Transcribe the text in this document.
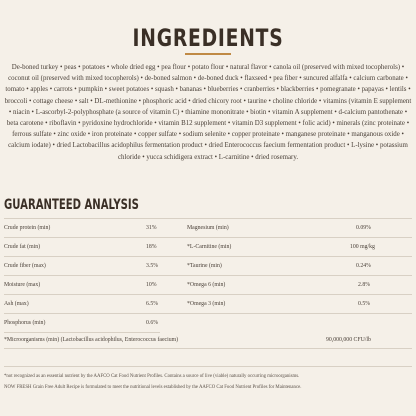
INGREDIENTS
De-boned turkey • peas • potatoes • whole dried egg • pea flour • potato flour • natural flavor • canola oil (preserved with mixed tocopherols) • coconut oil (preserved with mixed tocopherols) • de-boned salmon • de-boned duck • flaxseed • pea fiber • suncured alfalfa • calcium carbonate • tomato • apples • carrots • pumpkin • sweet potatoes • squash • bananas • blueberries • cranberries • blackberries • pomegranate • papayas • lentils • broccoli • cottage cheese • salt • DL-methionine • phosphoric acid • dried chicory root • taurine • choline chloride • vitamins (vitamin E supplement • niacin • L-ascorbyl-2-polyphosphate (a source of vitamin C) • thiamine mononitrate • biotin • vitamin A supplement • d-calcium pantothenate • beta carotene • riboflavin • pyridoxine hydrochloride • vitamin B12 supplement • vitamin D3 supplement • folic acid) • minerals (zinc proteinate • ferrous sulfate • zinc oxide • iron proteinate • copper sulfate • sodium selenite • copper proteinate • manganese proteinate • manganous oxide • calcium iodate) • dried Lactobacillus acidophilus fermentation product • dried Enterococcus faecium fermentation product • L-lysine • potassium chloride • yucca schidigera extract • L-carnitine • dried rosemary.
GUARANTEED ANALYSIS
Crude protein (min)	31%
Crude fat (min)	18%
Crude fiber (max)	3.5%
Moisture (max)	10%
Ash (max)	6.5%
Phosphorus (min)	0.6%
Magnesium (min)	0.09%
*L-Carnitine (min)	100 mg/kg
*Taurine (min)	0.24%
*Omega 6 (min)	2.8%
*Omega 3 (min)	0.5%
*Microorganisms (min) (Lactobacillus acidophilus, Enterococcus faecium)	90,000,000 CFU/lb
*not recognized as an essential nutrient by the AAFCO Cat Food Nutrient Profiles. Contains a source of live (viable) naturally occurring microorganisms.
NOW FRESH Grain Free Adult Recipe is formulated to meet the nutritional levels established by the AAFCO Cat Food Nutrient Profiles for Maintenance.
